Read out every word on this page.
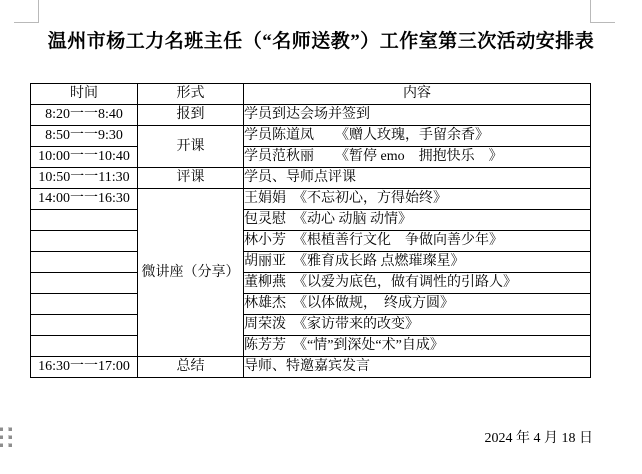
温州市杨工力名班主任（“名师送教”）工作室第三次活动安排表
时间	形式	内容
8:20一一8:40	报到	学员到达会场并签到
8:50一一9:30	开课	学员陈道凤　　《赠人玫瑰，手留余香》
10:00一一10:40		学员范秋丽　　《暂停 emo　拥抱快乐　》
10:50一一11:30	评课	学员、导师点评课
14:00一一16:30	微讲座（分享）	王娟娟　《不忘初心，方得始终》
		包灵慰　《动心 动脑 动情》
		林小芳　《根植善行文化　争做向善少年》
		胡丽亚　《雅育成长路 点燃璀璨星》
		董柳燕　《以爱为底色，做有调性的引路人》
		林雄杰　《以体做规，　终成方圆》
		周荣泼　《家访带来的改变》
		陈芳芳　《“情”到深处“术”自成》
16:30一一17:00	总结	导师、特邀嘉宾发言
2024 年 4 月 18 日
